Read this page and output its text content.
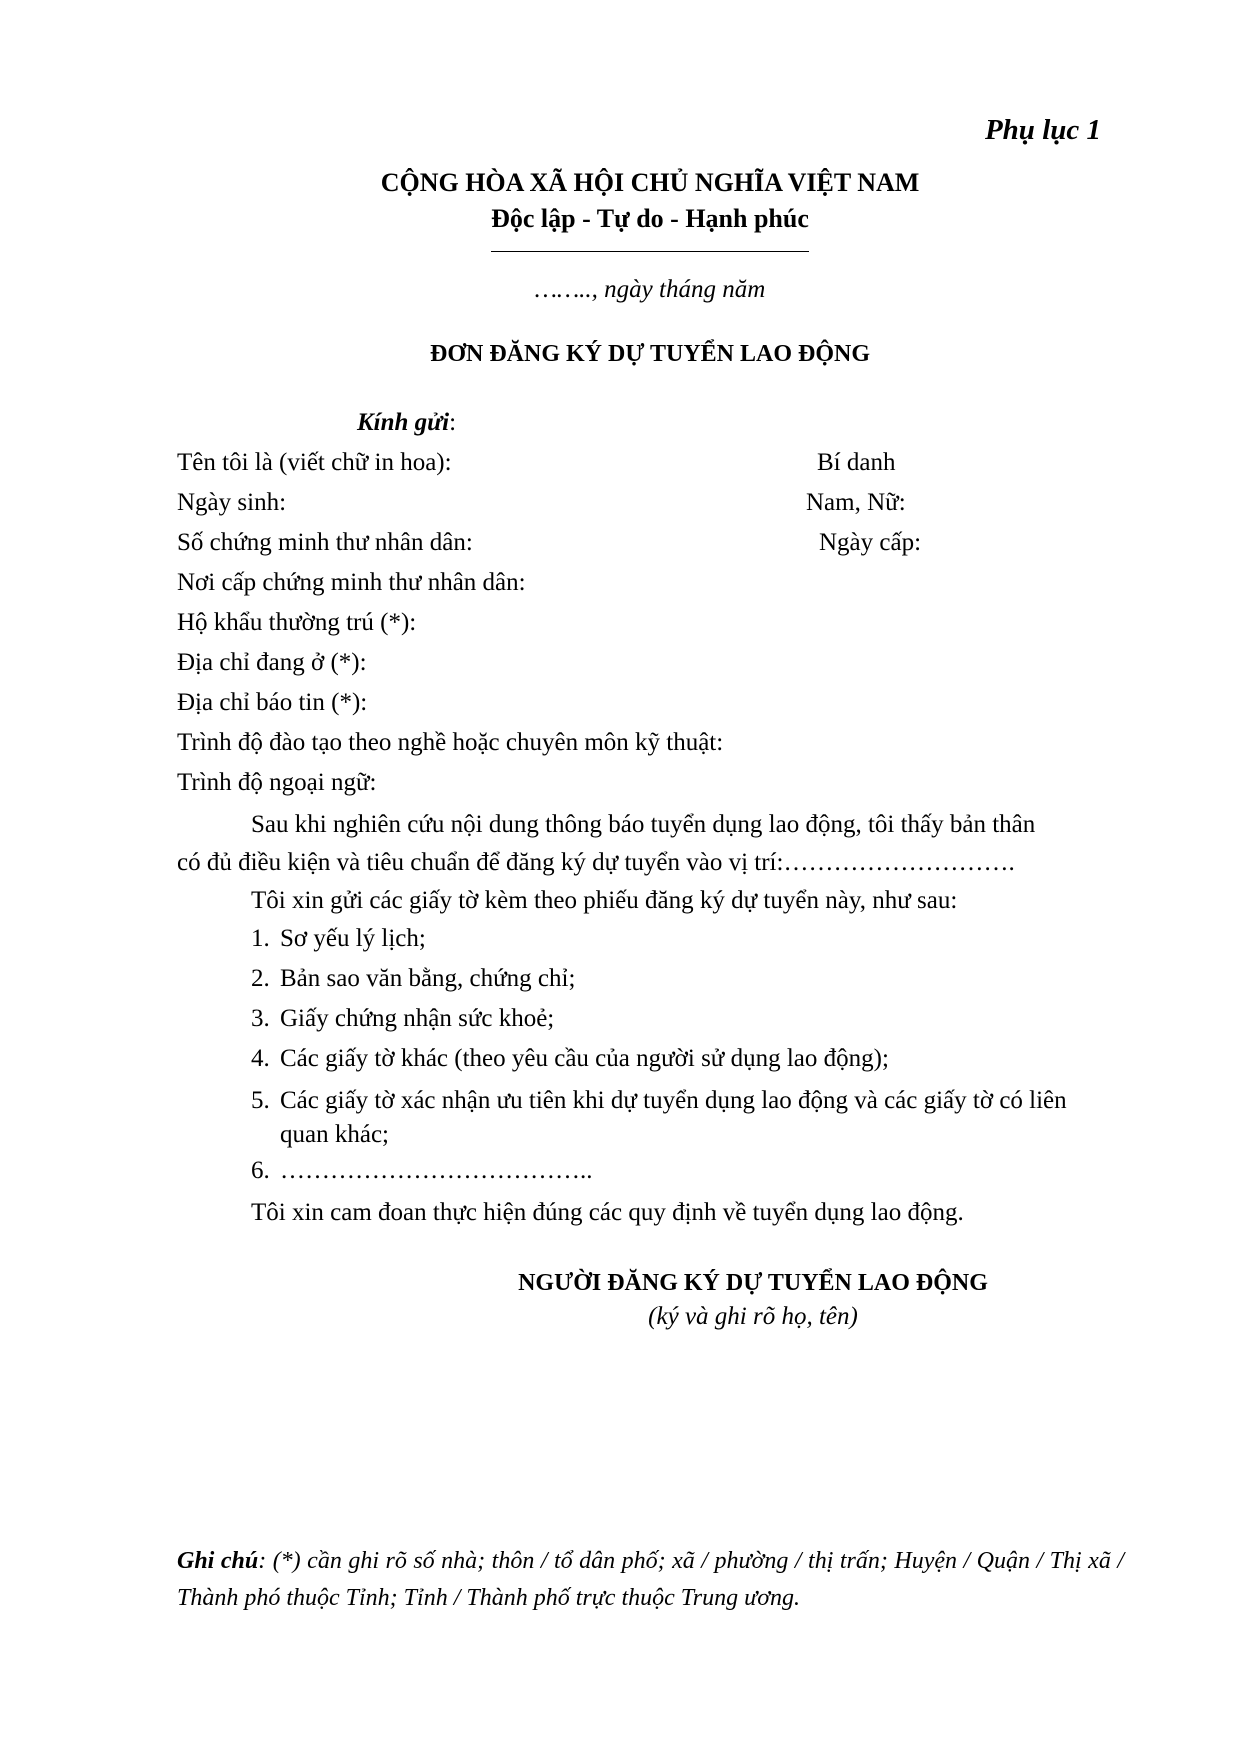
Phụ lục 1
CỘNG HÒA XÃ HỘI CHỦ NGHĨA VIỆT NAM
Độc lập - Tự do - Hạnh phúc
…….., ngày tháng năm
ĐƠN ĐĂNG KÝ DỰ TUYỂN LAO ĐỘNG
Kính gửi:
Tên tôi là (viết chữ in hoa):	Bí danh
Ngày sinh:	Nam, Nữ:
Số chứng minh thư nhân dân:	Ngày cấp:
Nơi cấp chứng minh thư nhân dân:
Hộ khẩu thường trú (*):
Địa chỉ đang ở (*):
Địa chỉ báo tin (*):
Trình độ đào tạo theo nghề hoặc chuyên môn kỹ thuật:
Trình độ ngoại ngữ:
Sau khi nghiên cứu nội dung thông báo tuyển dụng lao động, tôi thấy bản thân
có đủ điều kiện và tiêu chuẩn để đăng ký dự tuyển vào vị trí:……………………….
Tôi xin gửi các giấy tờ kèm theo phiếu đăng ký dự tuyển này, như sau:
1. Sơ yếu lý lịch;
2. Bản sao văn bằng, chứng chỉ;
3. Giấy chứng nhận sức khoẻ;
4. Các giấy tờ khác (theo yêu cầu của người sử dụng lao động);
5. Các giấy tờ xác nhận ưu tiên khi dự tuyển dụng lao động và các giấy tờ có liên
quan khác;
6. ………………………………..
Tôi xin cam đoan thực hiện đúng các quy định về tuyển dụng lao động.
NGƯỜI ĐĂNG KÝ DỰ TUYỂN LAO ĐỘNG
(ký và ghi rõ họ, tên)
Ghi chú: (*) cần ghi rõ số nhà; thôn / tổ dân phố; xã / phường / thị trấn; Huyện / Quận / Thị xã / Thành phó thuộc Tỉnh; Tỉnh / Thành phố trực thuộc Trung ương.
